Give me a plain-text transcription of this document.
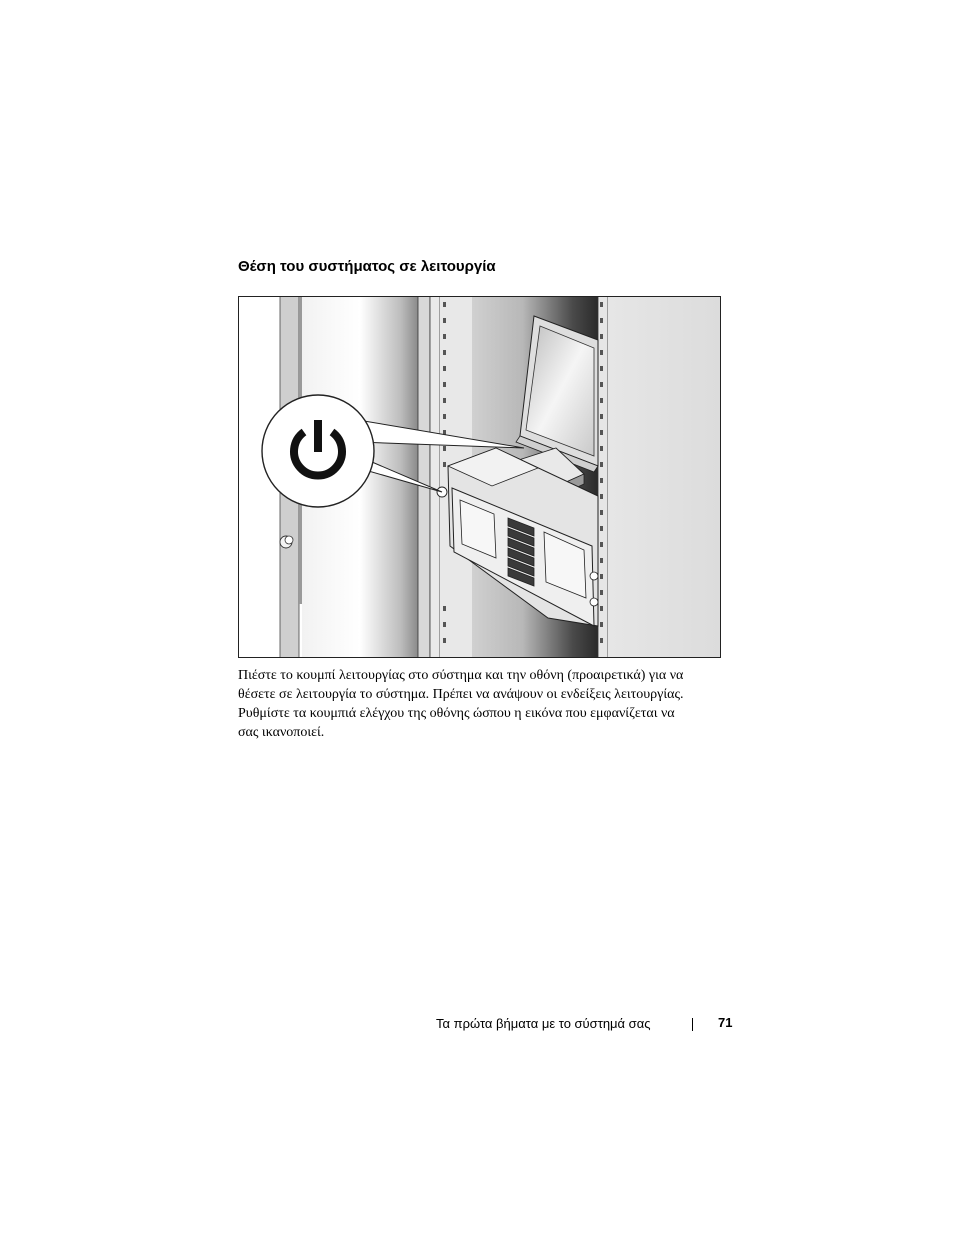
Θέση του συστήματος σε λειτουργία
Πιέστε το κουμπί λειτουργίας στο σύστημα και την οθόνη (προαιρετικά) για να
θέσετε σε λειτουργία το σύστημα. Πρέπει να ανάψουν οι ενδείξεις λειτουργίας.
Ρυθμίστε τα κουμπιά ελέγχου της οθόνης ώσπου η εικόνα που εμφανίζεται να
σας ικανοποιεί.
Τα πρώτα βήματα με το σύστημά σας	71
